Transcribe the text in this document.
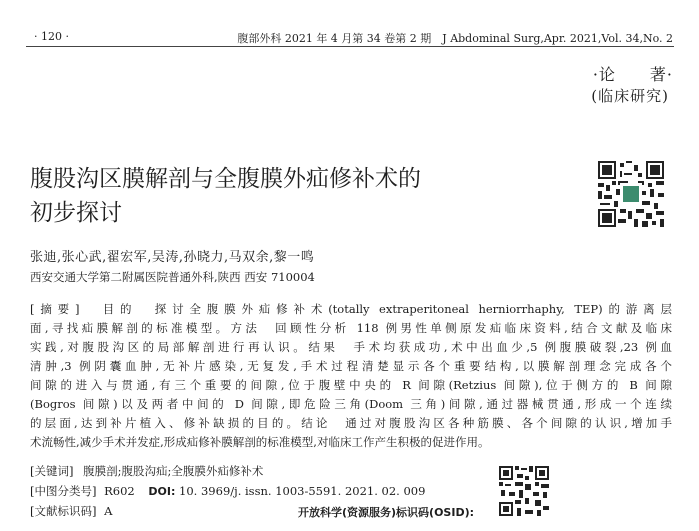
· 120 ·	腹部外科 2021 年 4 月第 34 卷第 2 期　J Abdominal Surg,Apr. 2021,Vol. 34,No. 2
·论　　著·
(临床研究)
腹股沟区膜解剖与全腹膜外疝修补术的
初步探讨
张迪,张心武,翟宏军,吴涛,孙晓力,马双余,黎一鸣
西安交通大学第二附属医院普通外科,陕西 西安 710004
[摘要]　目的　探讨全腹膜外疝修补术(totally extraperitoneal herniorrhaphy, TEP)的游离层
面,寻找疝膜解剖的标准模型。方法　回顾性分析 118 例男性单侧原发疝临床资料,结合文献及临床
实践,对腹股沟区的局部解剖进行再认识。结果　手术均获成功,术中出血少,5 例腹膜破裂,23 例血
清肿,3 例阴囊血肿,无补片感染,无复发,手术过程清楚显示各个重要结构,以膜解剖理念完成各个
间隙的进入与贯通,有三个重要的间隙,位于腹壁中央的 R 间隙(Retzius 间隙),位于侧方的 B 间隙
(Bogros 间隙)以及两者中间的 D 间隙,即危险三角(Doom 三角)间隙,通过器械贯通,形成一个连续
的层面,达到补片植入、修补缺损的目的。结论　通过对腹股沟区各种筋膜、各个间隙的认识,增加手
术流畅性,减少手术并发症,形成疝修补膜解剖的标准模型,对临床工作产生积极的促进作用。
[关键词] 腹膜剖;腹股沟疝;全腹膜外疝修补术
[中图分类号] R602 DOI: 10. 3969/j. issn. 1003-5591. 2021. 02. 009
[文献标识码] A	开放科学(资源服务)标识码(OSID):
